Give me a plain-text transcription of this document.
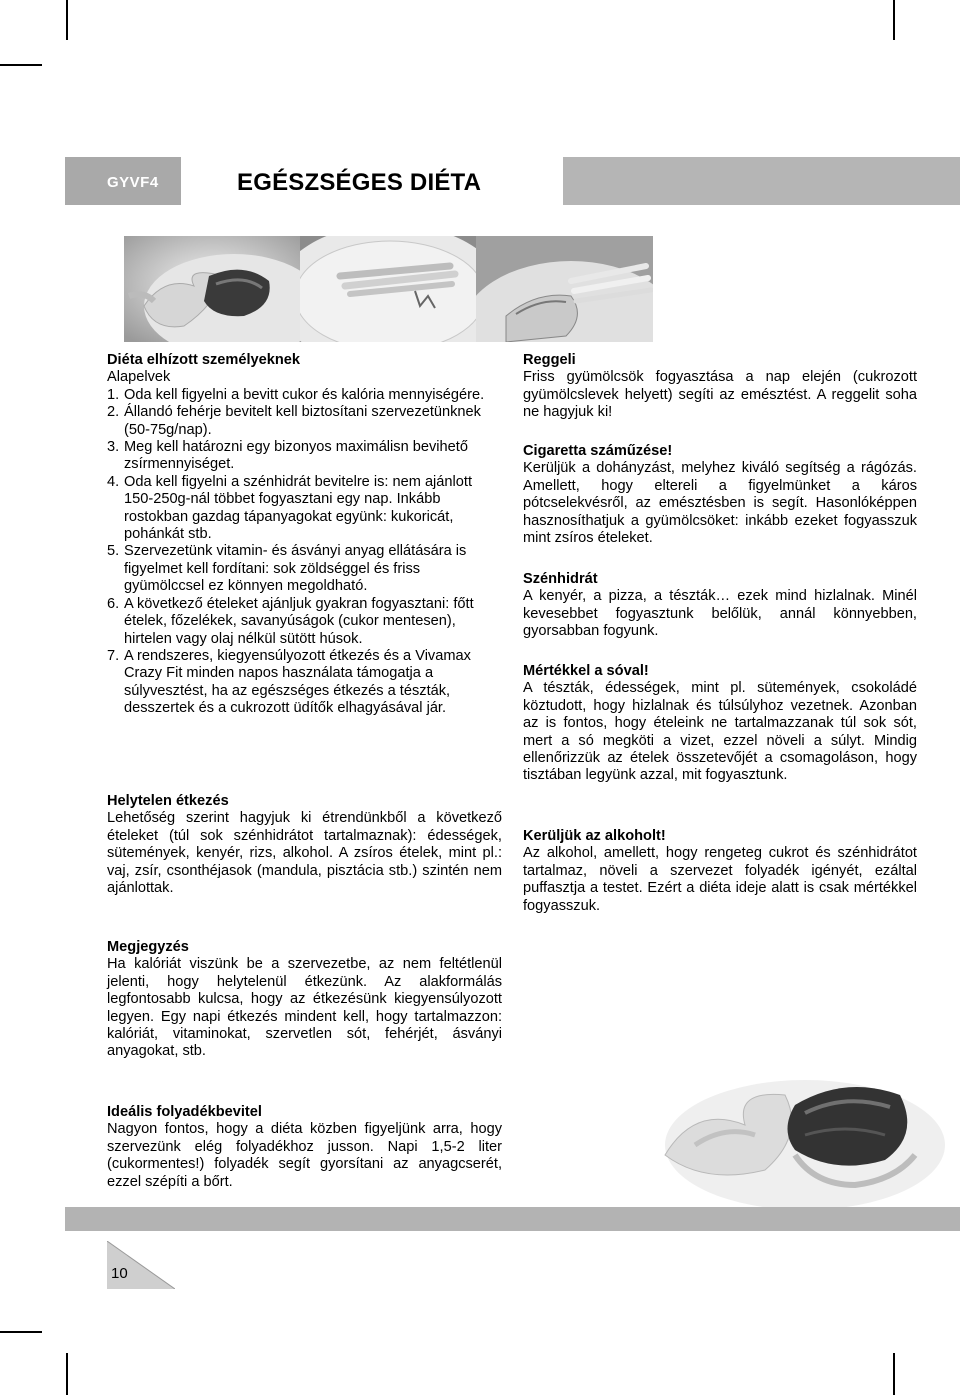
GYVF4	EGÉSZSÉGES DIÉTA
Diéta elhízott személyeknek

Alapelvek

1. Oda kell figyelni a bevitt cukor és kalória mennyiségére.
2. Állandó fehérje bevitelt kell biztosítani szervezetünknek (50-75g/nap).
3. Meg kell határozni egy bizonyos maximálisn bevihető zsírmennyiséget.
4. Oda kell figyelni a szénhidrát bevitelre is: nem ajánlott 150-250g-nál többet fogyasztani egy nap. Inkább rostokban gazdag tápanyagokat együnk: kukoricát, pohánkát stb.
5. Szervezetünk vitamin- és ásványi anyag ellátására is figyelmet kell fordítani: sok zöldséggel és friss gyümölccsel ez könnyen megoldható.
6. A következő ételeket ajánljuk gyakran fogyasztani: főtt ételek, főzelékek, savanyúságok (cukor mentesen), hirtelen vagy olaj nélkül sütött húsok.
7. A rendszeres, kiegyensúlyozott étkezés és a Vivamax Crazy Fit minden napos használata támogatja a súlyvesztést, ha az egészséges étkezés a tészták, desszertek és a cukrozott üdítők elhagyásával jár.
Helytelen étkezés

Lehetőség szerint hagyjuk ki étrendünkből a következő ételeket (túl sok szénhidrátot tartalmaznak): édességek, sütemények, kenyér, rizs, alkohol. A zsíros ételek, mint pl.: vaj, zsír, csonthéjasok (mandula, pisztácia stb.) szintén nem ajánlottak.

Megjegyzés

Ha kalóriát viszünk be a szervezetbe, az nem feltétlenül jelenti, hogy helytelenül étkezünk. Az alakformálás legfontosabb kulcsa, hogy az étkezésünk kiegyensúlyozott legyen. Egy napi étkezés mindent kell, hogy tartalmazzon: kalóriát, vitaminokat, szervetlen sót, fehérjét, ásványi anyagokat, stb.

Ideális folyadékbevitel

Nagyon fontos, hogy a diéta közben figyeljünk arra, hogy szervezünk elég folyadékhoz jusson. Napi 1,5-2 liter (cukormentes!) folyadék segít gyorsítani az anyagcserét, ezzel szépíti a bőrt.

Reggeli

Friss gyümölcsök fogyasztása a nap elején (cukrozott gyümölcslevek helyett) segíti az emésztést. A reggelit soha ne hagyjuk ki!

Cigaretta száműzése!

Kerüljük a dohányzást, melyhez kiváló segítség a rágózás. Amellett, hogy eltereli a figyelmünket a káros pótcselekvésről, az emésztésben is segít. Hasonlóképpen hasznosíthatjuk a gyümölcsöket: inkább ezeket fogyasszuk mint zsíros ételeket.

Szénhidrát

A kenyér, a pizza, a tészták… ezek mind hizlalnak. Minél kevesebbet fogyasztunk belőlük, annál könnyebben, gyorsabban fogyunk.

Mértékkel a sóval!

A tészták, édességek, mint pl. sütemények, csokoládé köztudott, hogy hizlalnak és túlsúlyhoz vezetnek. Azonban az is fontos, hogy ételeink ne tartalmazzanak túl sok sót, mert a só megköti a vizet, ezzel növeli a súlyt. Mindig ellenőrizzük az ételek összetevőjét a csomagoláson, hogy tisztában legyünk azzal, mit fogyasztunk.

Kerüljük az alkoholt!

Az alkohol, amellett, hogy rengeteg cukrot és szénhidrátot tartalmaz, növeli a szervezet folyadék igényét, ezáltal puffasztja a testet. Ezért a diéta ideje alatt is csak mértékkel fogyasszuk.

10
